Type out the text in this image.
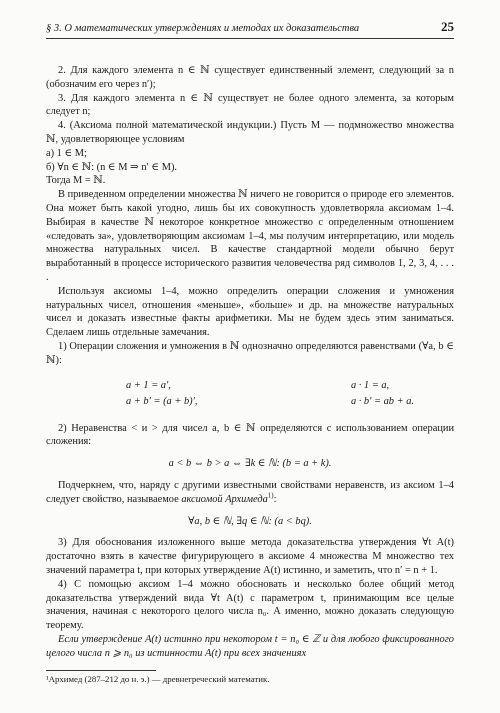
§ 3. О математических утверждениях и методах их доказательства	25

2. Для каждого элемента n ∈ ℕ существует единственный элемент, следующий за n (обозначим его через n′);

3. Для каждого элемента n ∈ ℕ существует не более одного элемента, за которым следует n;

4. (Аксиома полной математической индукции.) Пусть M — подмножество множества ℕ, удовлетворяющее условиям

а) 1 ∈ M;

б) ∀n ∈ ℕ: (n ∈ M ⇒ n′ ∈ M).

Тогда M = ℕ.

В приведенном определении множества ℕ ничего не говорится о природе его элементов. Она может быть какой угодно, лишь бы их совокупность удовлетворяла аксиомам 1–4. Выбирая в качестве ℕ некоторое конкретное множество с определенным отношением «следовать за», удовлетворяющим аксиомам 1–4, мы получим интерпретацию, или модель множества натуральных чисел. В качестве стандартной модели обычно берут выработанный в процессе исторического развития человечества ряд символов 1, 2, 3, 4, . . . .

Используя аксиомы 1–4, можно определить операции сложения и умножения натуральных чисел, отношения «меньше», «больше» и др. на множестве натуральных чисел и доказать известные факты арифметики. Мы не будем здесь этим заниматься. Сделаем лишь отдельные замечания.

1) Операции сложения и умножения в ℕ однозначно определяются равенствами (∀a, b ∈ ℕ):

a + 1 = a′,
a + b′ = (a + b)′,
a · 1 = a,
a · b′ = ab + a.

2) Неравенства < и > для чисел a, b ∈ ℕ определяются с использованием операции сложения:

a < b ⇔ b > a ⇔ ∃k ∈ ℕ: (b = a + k).

Подчеркнем, что, наряду с другими известными свойствами неравенств, из аксиом 1–4 следует свойство, называемое аксиомой Архимеда$^{1)}$:

∀a, b ∈ ℕ, ∃q ∈ ℕ: (a < bq).

3) Для обоснования изложенного выше метода доказательства утверждения ∀t A(t) достаточно взять в качестве фигурирующего в аксиоме 4 множества M множество тех значений параметра t, при которых утверждение A(t) истинно, и заметить, что n′ = n + 1.

4) С помощью аксиом 1–4 можно обосновать и несколько более общий метод доказательства утверждений вида ∀t A(t) с параметром t, принимающим все целые значения, начиная с некоторого целого числа n₀. А именно, можно доказать следующую теорему.

Если утверждение A(t) истинно при некотором t = n₀ ∈ ℤ и для любого фиксированного целого числа n ⩾ n₀ из истинности A(t) при всех значениях

¹Архимед (287–212 до н. э.) — древнегреческий математик.
